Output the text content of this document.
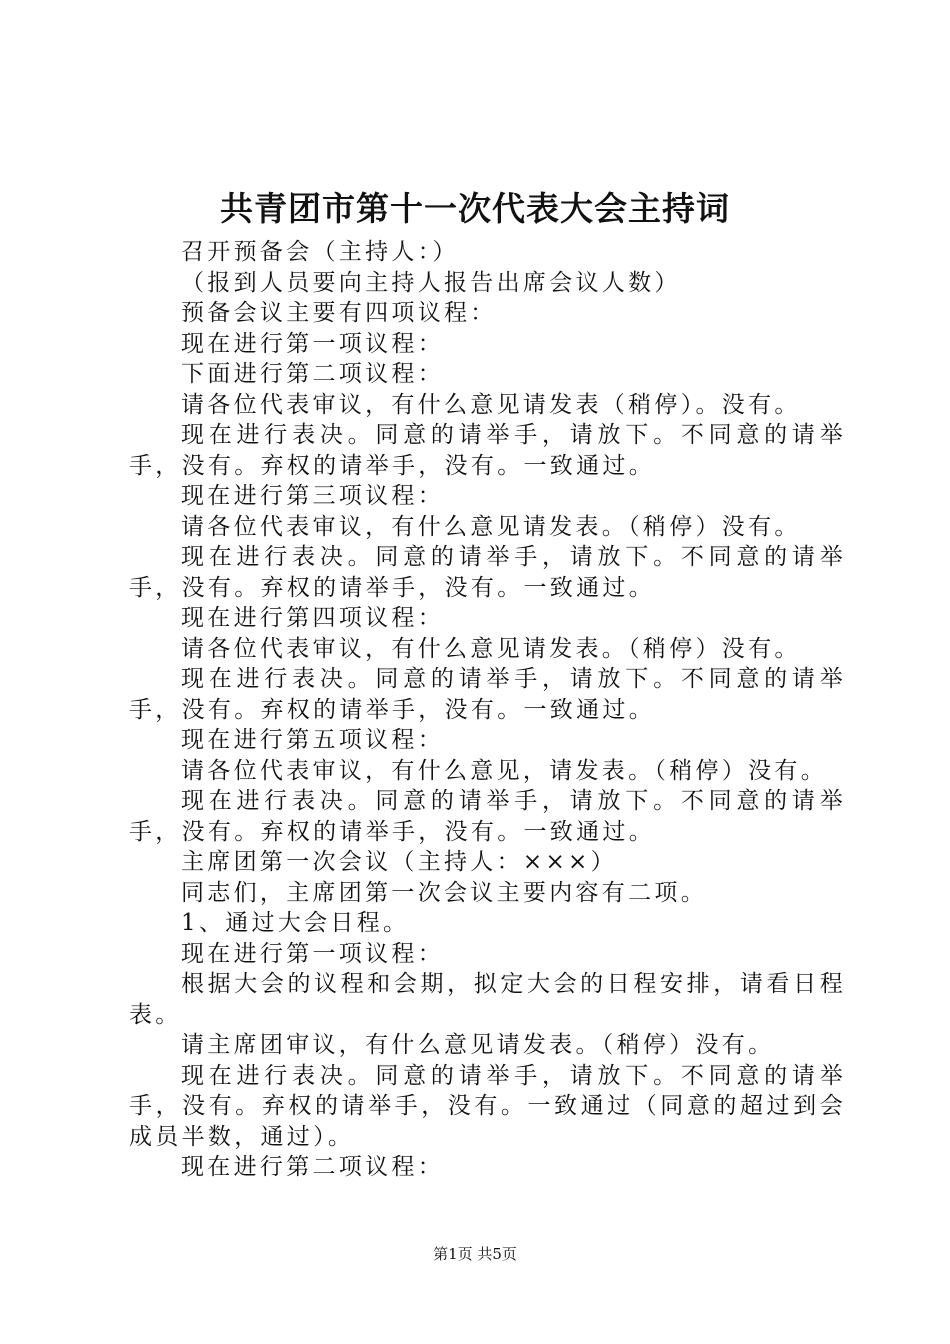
共青团市第十一次代表大会主持词

召开预备会（主持人：）

（报到人员要向主持人报告出席会议人数）

预备会议主要有四项议程：

现在进行第一项议程：

下面进行第二项议程：

请各位代表审议，有什么意见请发表（稍停）。没有。

现在进行表决。同意的请举手，请放下。不同意的请举手，没有。弃权的请举手，没有。一致通过。

现在进行第三项议程：

请各位代表审议，有什么意见请发表。（稍停）没有。

现在进行表决。同意的请举手，请放下。不同意的请举手，没有。弃权的请举手，没有。一致通过。

现在进行第四项议程：

请各位代表审议，有什么意见请发表。（稍停）没有。

现在进行表决。同意的请举手，请放下。不同意的请举手，没有。弃权的请举手，没有。一致通过。

现在进行第五项议程：

请各位代表审议，有什么意见，请发表。（稍停）没有。

现在进行表决。同意的请举手，请放下。不同意的请举手，没有。弃权的请举手，没有。一致通过。

主席团第一次会议（主持人：×××）

同志们，主席团第一次会议主要内容有二项。

1、通过大会日程。

现在进行第一项议程：

根据大会的议程和会期，拟定大会的日程安排，请看日程表。

请主席团审议，有什么意见请发表。（稍停）没有。

现在进行表决。同意的请举手，请放下。不同意的请举手，没有。弃权的请举手，没有。一致通过（同意的超过到会成员半数，通过）。

现在进行第二项议程：

第1页 共5页
